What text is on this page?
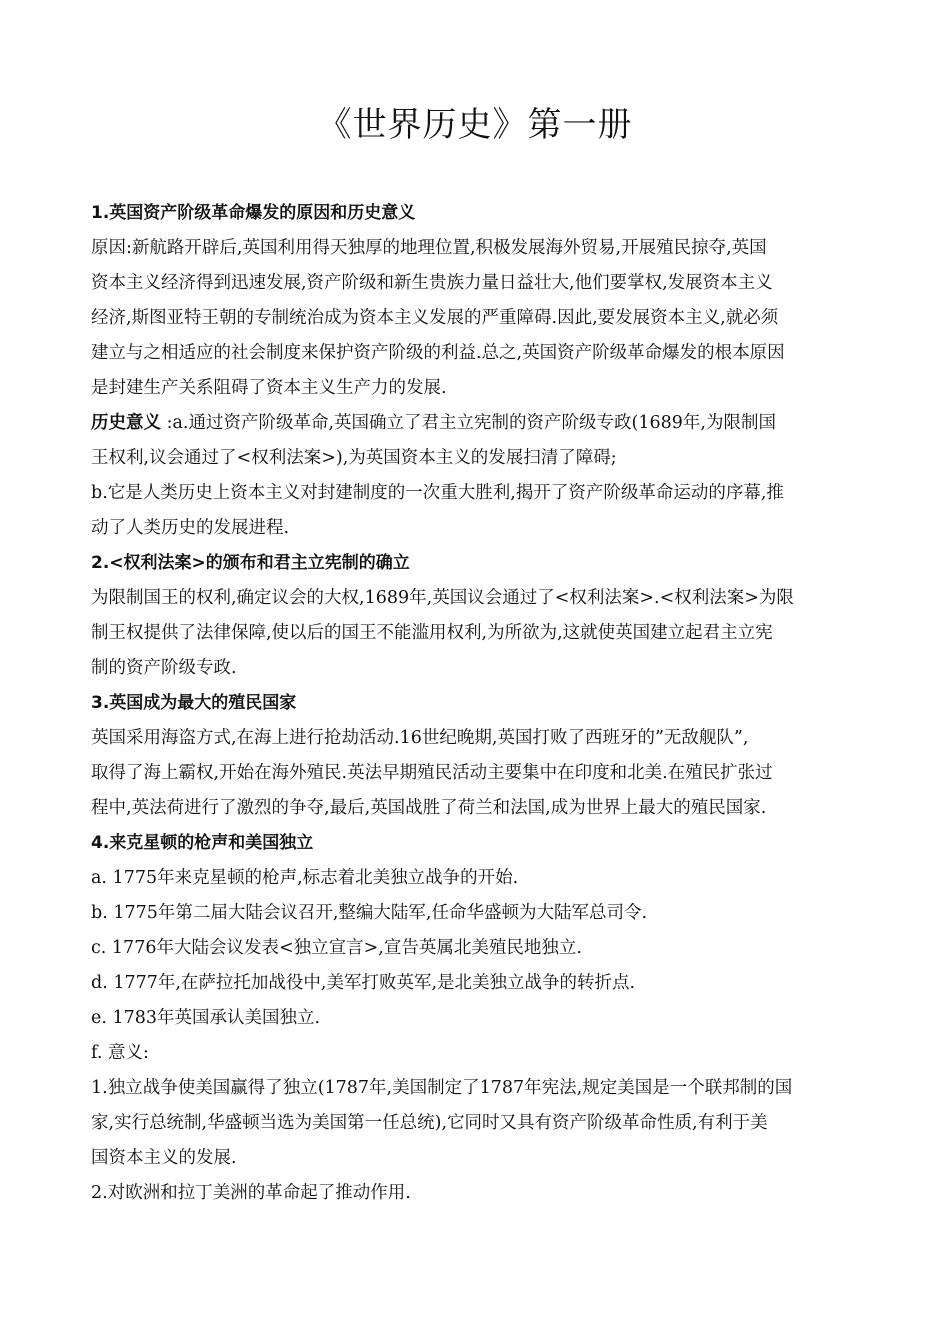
《世界历史》第一册
1.英国资产阶级革命爆发的原因和历史意义
原因:新航路开辟后,英国利用得天独厚的地理位置,积极发展海外贸易,开展殖民掠夺,英国
资本主义经济得到迅速发展,资产阶级和新生贵族力量日益壮大,他们要掌权,发展资本主义
经济,斯图亚特王朝的专制统治成为资本主义发展的严重障碍.因此,要发展资本主义,就必须
建立与之相适应的社会制度来保护资产阶级的利益.总之,英国资产阶级革命爆发的根本原因
是封建生产关系阻碍了资本主义生产力的发展.
历史意义 :a.通过资产阶级革命,英国确立了君主立宪制的资产阶级专政(1689年,为限制国
王权利,议会通过了<权利法案>),为英国资本主义的发展扫清了障碍;
b.它是人类历史上资本主义对封建制度的一次重大胜利,揭开了资产阶级革命运动的序幕,推
动了人类历史的发展进程.
2.<权利法案>的颁布和君主立宪制的确立
为限制国王的权利,确定议会的大权,1689年,英国议会通过了<权利法案>.<权利法案>为限
制王权提供了法律保障,使以后的国王不能滥用权利,为所欲为,这就使英国建立起君主立宪
制的资产阶级专政.
3.英国成为最大的殖民国家
英国采用海盗方式,在海上进行抢劫活动.16世纪晚期,英国打败了西班牙的”无敌舰队”,
取得了海上霸权,开始在海外殖民.英法早期殖民活动主要集中在印度和北美.在殖民扩张过
程中,英法荷进行了激烈的争夺,最后,英国战胜了荷兰和法国,成为世界上最大的殖民国家.
4.来克星顿的枪声和美国独立
a. 1775年来克星顿的枪声,标志着北美独立战争的开始.
b. 1775年第二届大陆会议召开,整编大陆军,任命华盛顿为大陆军总司令.
c. 1776年大陆会议发表<独立宣言>,宣告英属北美殖民地独立.
d. 1777年,在萨拉托加战役中,美军打败英军,是北美独立战争的转折点.
e. 1783年英国承认美国独立.
f. 意义:
1.独立战争使美国赢得了独立(1787年,美国制定了1787年宪法,规定美国是一个联邦制的国
家,实行总统制,华盛顿当选为美国第一任总统),它同时又具有资产阶级革命性质,有利于美
国资本主义的发展.
2.对欧洲和拉丁美洲的革命起了推动作用.
